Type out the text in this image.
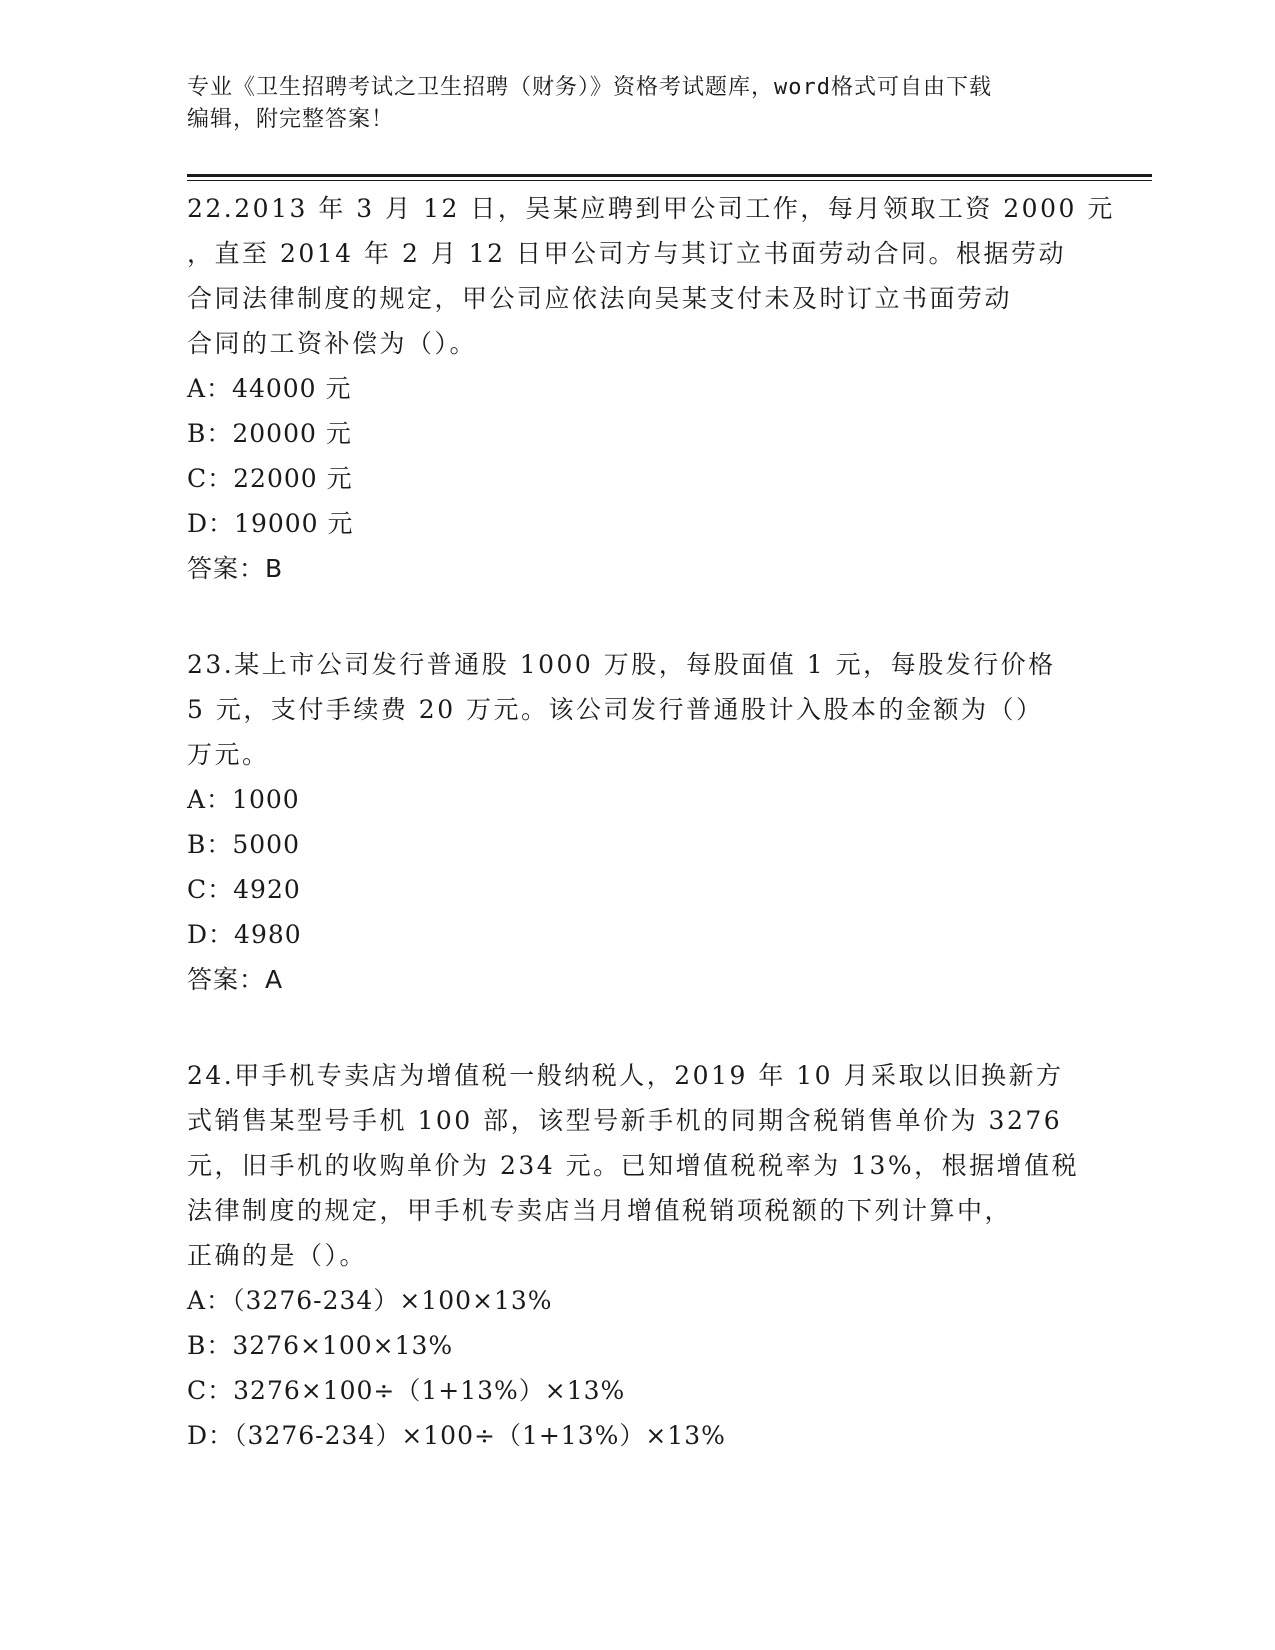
专业《卫生招聘考试之卫生招聘（财务）》资格考试题库，word格式可自由下载
编辑，附完整答案！
22.2013 年 3 月 12 日，吴某应聘到甲公司工作，每月领取工资 2000 元
，直至 2014 年 2 月 12 日甲公司方与其订立书面劳动合同。根据劳动
合同法律制度的规定，甲公司应依法向吴某支付未及时订立书面劳动
合同的工资补偿为（）。
A：44000 元
B：20000 元
C：22000 元
D：19000 元
答案：B
23.某上市公司发行普通股 1000 万股，每股面值 1 元，每股发行价格
5 元，支付手续费 20 万元。该公司发行普通股计入股本的金额为（）
万元。
A：1000
B：5000
C：4920
D：4980
答案：A
24.甲手机专卖店为增值税一般纳税人，2019 年 10 月采取以旧换新方
式销售某型号手机 100 部，该型号新手机的同期含税销售单价为 3276
元，旧手机的收购单价为 234 元。已知增值税税率为 13%，根据增值税
法律制度的规定，甲手机专卖店当月增值税销项税额的下列计算中，
正确的是（）。
A：（3276-234）×100×13%
B：3276×100×13%
C：3276×100÷（1+13%）×13%
D：（3276-234）×100÷（1+13%）×13%
